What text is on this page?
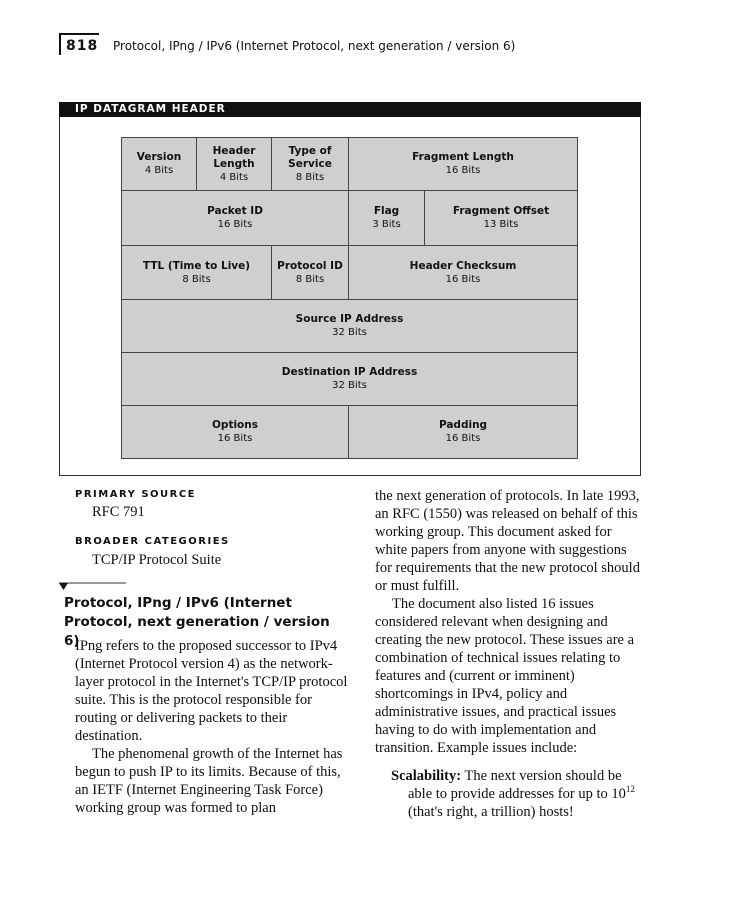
818 Protocol, IPng / IPv6 (Internet Protocol, next generation / version 6)
IP DATAGRAM HEADER
Version
4 Bits
Header Length
4 Bits
Type of Service
8 Bits
Fragment Length
16 Bits
Packet ID
16 Bits
Flag
3 Bits
Fragment Offset
13 Bits
TTL (Time to Live)
8 Bits
Protocol ID
8 Bits
Header Checksum
16 Bits
Source IP Address
32 Bits
Destination IP Address
32 Bits
Options
16 Bits
Padding
16 Bits
PRIMARY SOURCE
RFC 791
BROADER CATEGORIES
TCP/IP Protocol Suite
Protocol, IPng / IPv6 (Internet Protocol, next generation / version 6)

IPng refers to the proposed successor to IPv4 (Internet Protocol version 4) as the network-layer protocol in the Internet's TCP/IP protocol suite. This is the protocol responsible for routing or delivering packets to their destination.

The phenomenal growth of the Internet has begun to push IP to its limits. Because of this, an IETF (Internet Engineering Task Force) working group was formed to plan

the next generation of protocols. In late 1993, an RFC (1550) was released on behalf of this working group. This document asked for white papers from anyone with suggestions for requirements that the new protocol should or must fulfill.

The document also listed 16 issues considered relevant when designing and creating the new protocol. These issues are a combination of technical issues relating to features and (current or imminent) shortcomings in IPv4, policy and administrative issues, and practical issues having to do with implementation and transition. Example issues include:

Scalability: The next version should be able to provide addresses for up to $10^{12}$ (that's right, a trillion) hosts!
